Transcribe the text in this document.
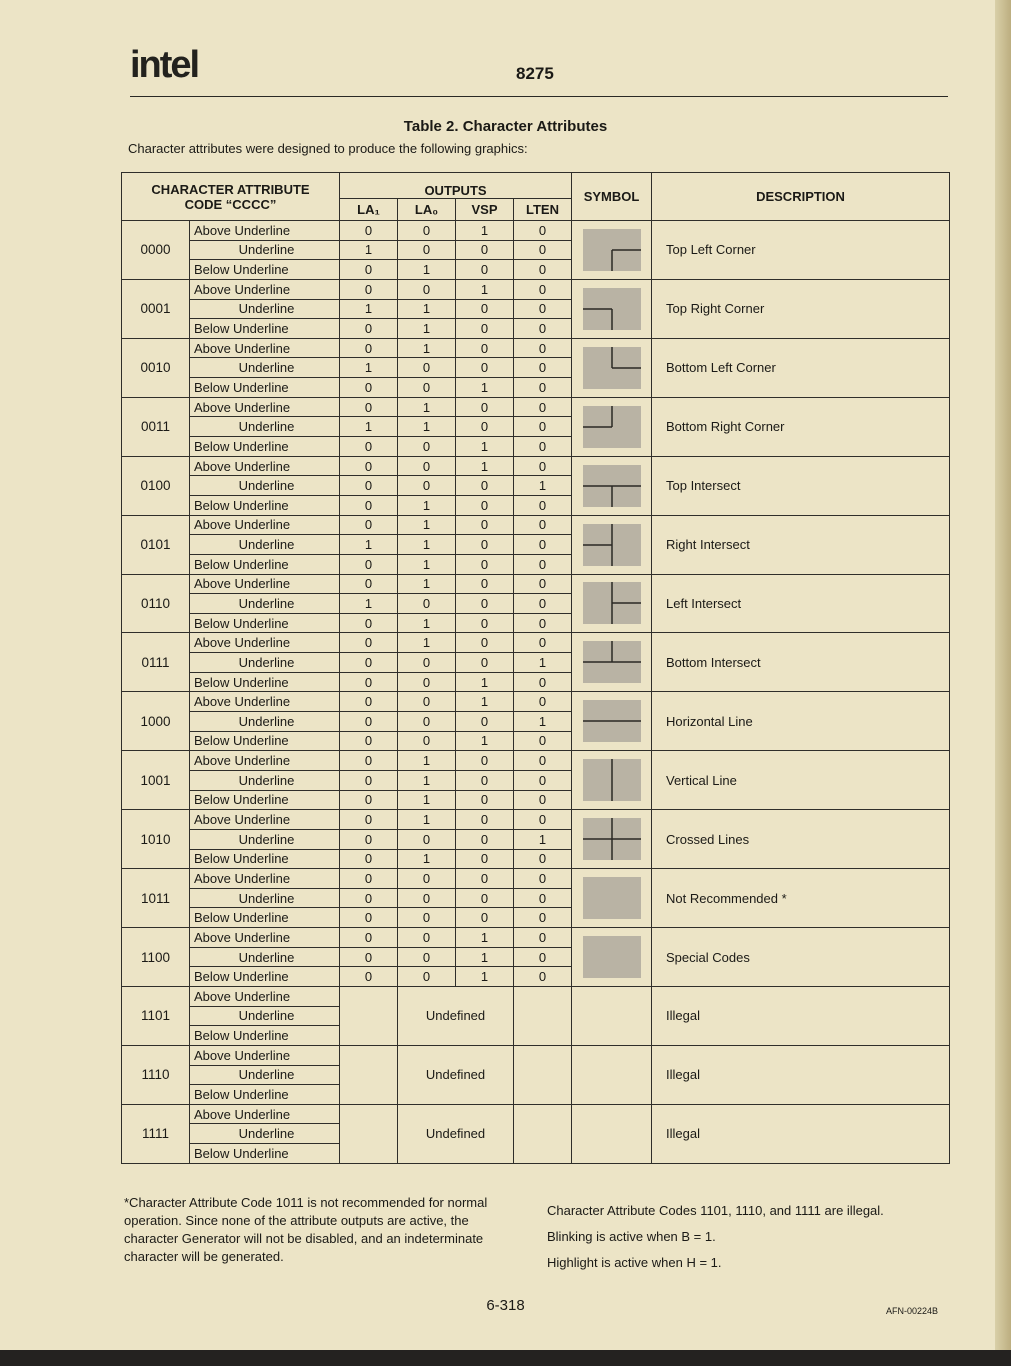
intel	8275
Table 2. Character Attributes
Character attributes were designed to produce the following graphics:
CHARACTER ATTRIBUTE
CODE “CCCC”		OUTPUTS				SYMBOL	DESCRIPTION
		LA₁	LA₀	VSP	LTEN		
0000	Above Underline	0	0	1	0		Top Left Corner
	Underline	1	0	0	0		
	Below Underline	0	1	0	0		
0001	Above Underline	0	0	1	0		Top Right Corner
	Underline	1	1	0	0		
	Below Underline	0	1	0	0		
0010	Above Underline	0	1	0	0		Bottom Left Corner
	Underline	1	0	0	0		
	Below Underline	0	0	1	0		
0011	Above Underline	0	1	0	0		Bottom Right Corner
	Underline	1	1	0	0		
	Below Underline	0	0	1	0		
0100	Above Underline	0	0	1	0		Top Intersect
	Underline	0	0	0	1		
	Below Underline	0	1	0	0		
0101	Above Underline	0	1	0	0		Right Intersect
	Underline	1	1	0	0		
	Below Underline	0	1	0	0		
0110	Above Underline	0	1	0	0		Left Intersect
	Underline	1	0	0	0		
	Below Underline	0	1	0	0		
0111	Above Underline	0	1	0	0		Bottom Intersect
	Underline	0	0	0	1		
	Below Underline	0	0	1	0		
1000	Above Underline	0	0	1	0		Horizontal Line
	Underline	0	0	0	1		
	Below Underline	0	0	1	0		
1001	Above Underline	0	1	0	0		Vertical Line
	Underline	0	1	0	0		
	Below Underline	0	1	0	0		
1010	Above Underline	0	1	0	0		Crossed Lines
	Underline	0	0	0	1		
	Below Underline	0	1	0	0		
1011	Above Underline	0	0	0	0		Not Recommended *
	Underline	0	0	0	0		
	Below Underline	0	0	0	0		
1100	Above Underline	0	0	1	0		Special Codes
	Underline	0	0	1	0		
	Below Underline	0	0	1	0		
1101	Above Underline		Undefined				Illegal
	Underline						
	Below Underline						
1110	Above Underline		Undefined				Illegal
	Underline						
	Below Underline						
1111	Above Underline		Undefined				Illegal
	Underline						
	Below Underline						
*Character Attribute Code 1011 is not recommended for normal operation. Since none of the attribute outputs are active, the character Generator will not be disabled, and an indeterminate character will be generated.
Character Attribute Codes 1101, 1110, and 1111 are illegal.
Blinking is active when B = 1.
Highlight is active when H = 1.
6-318	AFN-00224B
